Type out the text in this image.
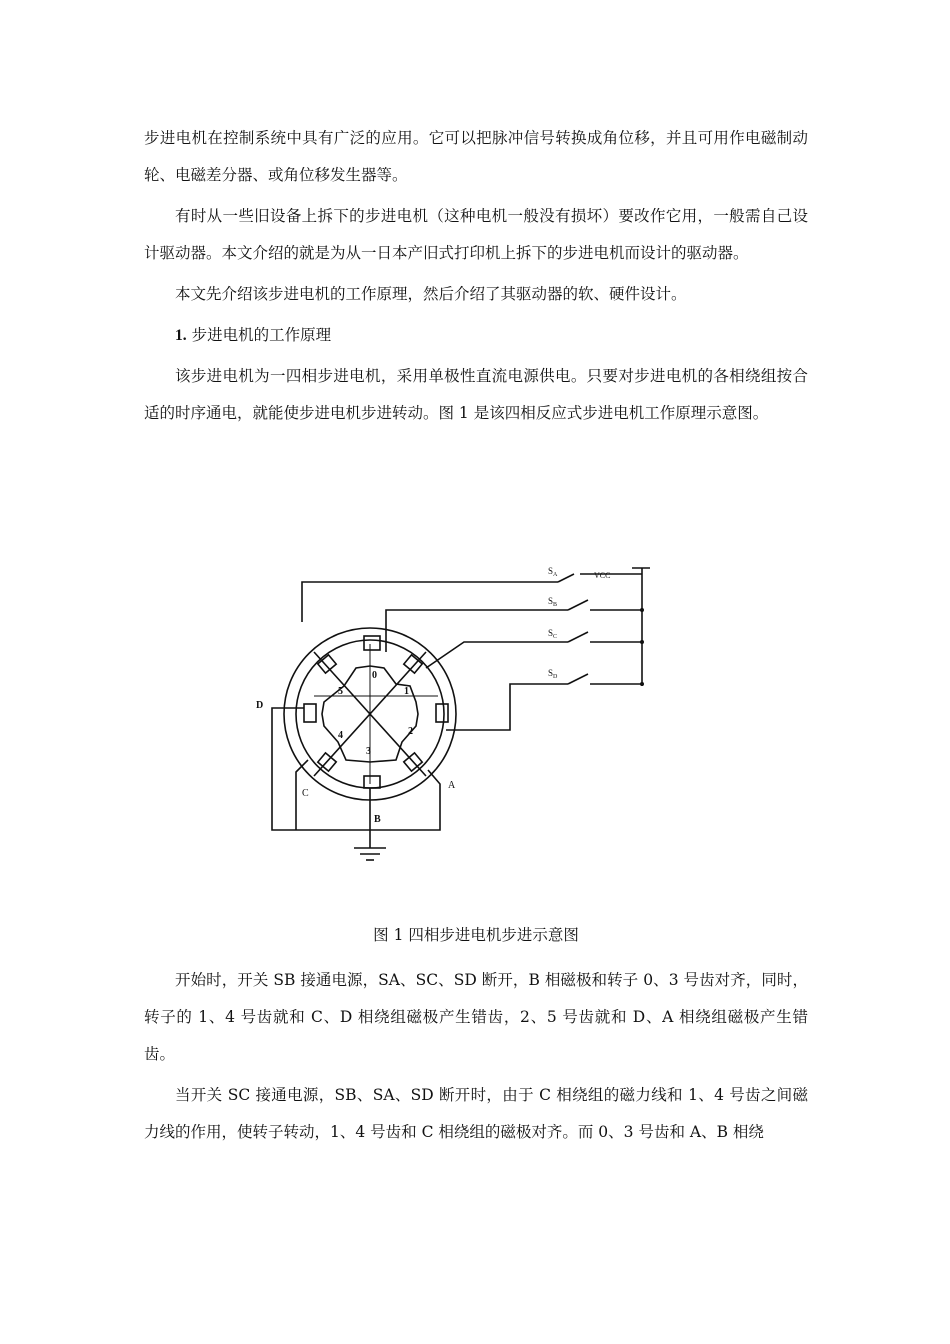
步进电机在控制系统中具有广泛的应用。它可以把脉冲信号转换成角位移，并且可用作电磁制动轮、电磁差分器、或角位移发生器等。

有时从一些旧设备上拆下的步进电机（这种电机一般没有损坏）要改作它用，一般需自己设计驱动器。本文介绍的就是为从一日本产旧式打印机上拆下的步进电机而设计的驱动器。

本文先介绍该步进电机的工作原理，然后介绍了其驱动器的软、硬件设计。

1. 步进电机的工作原理

该步进电机为一四相步进电机，采用单极性直流电源供电。只要对步进电机的各相绕组按合适的时序通电，就能使步进电机步进转动。图 1 是该四相反应式步进电机工作原理示意图。

VCC
$S_A$
$S_B$
$S_C$
$S_D$
D
C
A
B
0
1
2
3
4
5
图 1 四相步进电机步进示意图

开始时，开关 SB 接通电源，SA、SC、SD 断开，B 相磁极和转子 0、3 号齿对齐，同时，转子的 1、4 号齿就和 C、D 相绕组磁极产生错齿，2、5 号齿就和 D、A 相绕组磁极产生错齿。

当开关 SC 接通电源，SB、SA、SD 断开时，由于 C 相绕组的磁力线和 1、4 号齿之间磁力线的作用，使转子转动，1、4 号齿和 C 相绕组的磁极对齐。而 0、3 号齿和 A、B 相绕
